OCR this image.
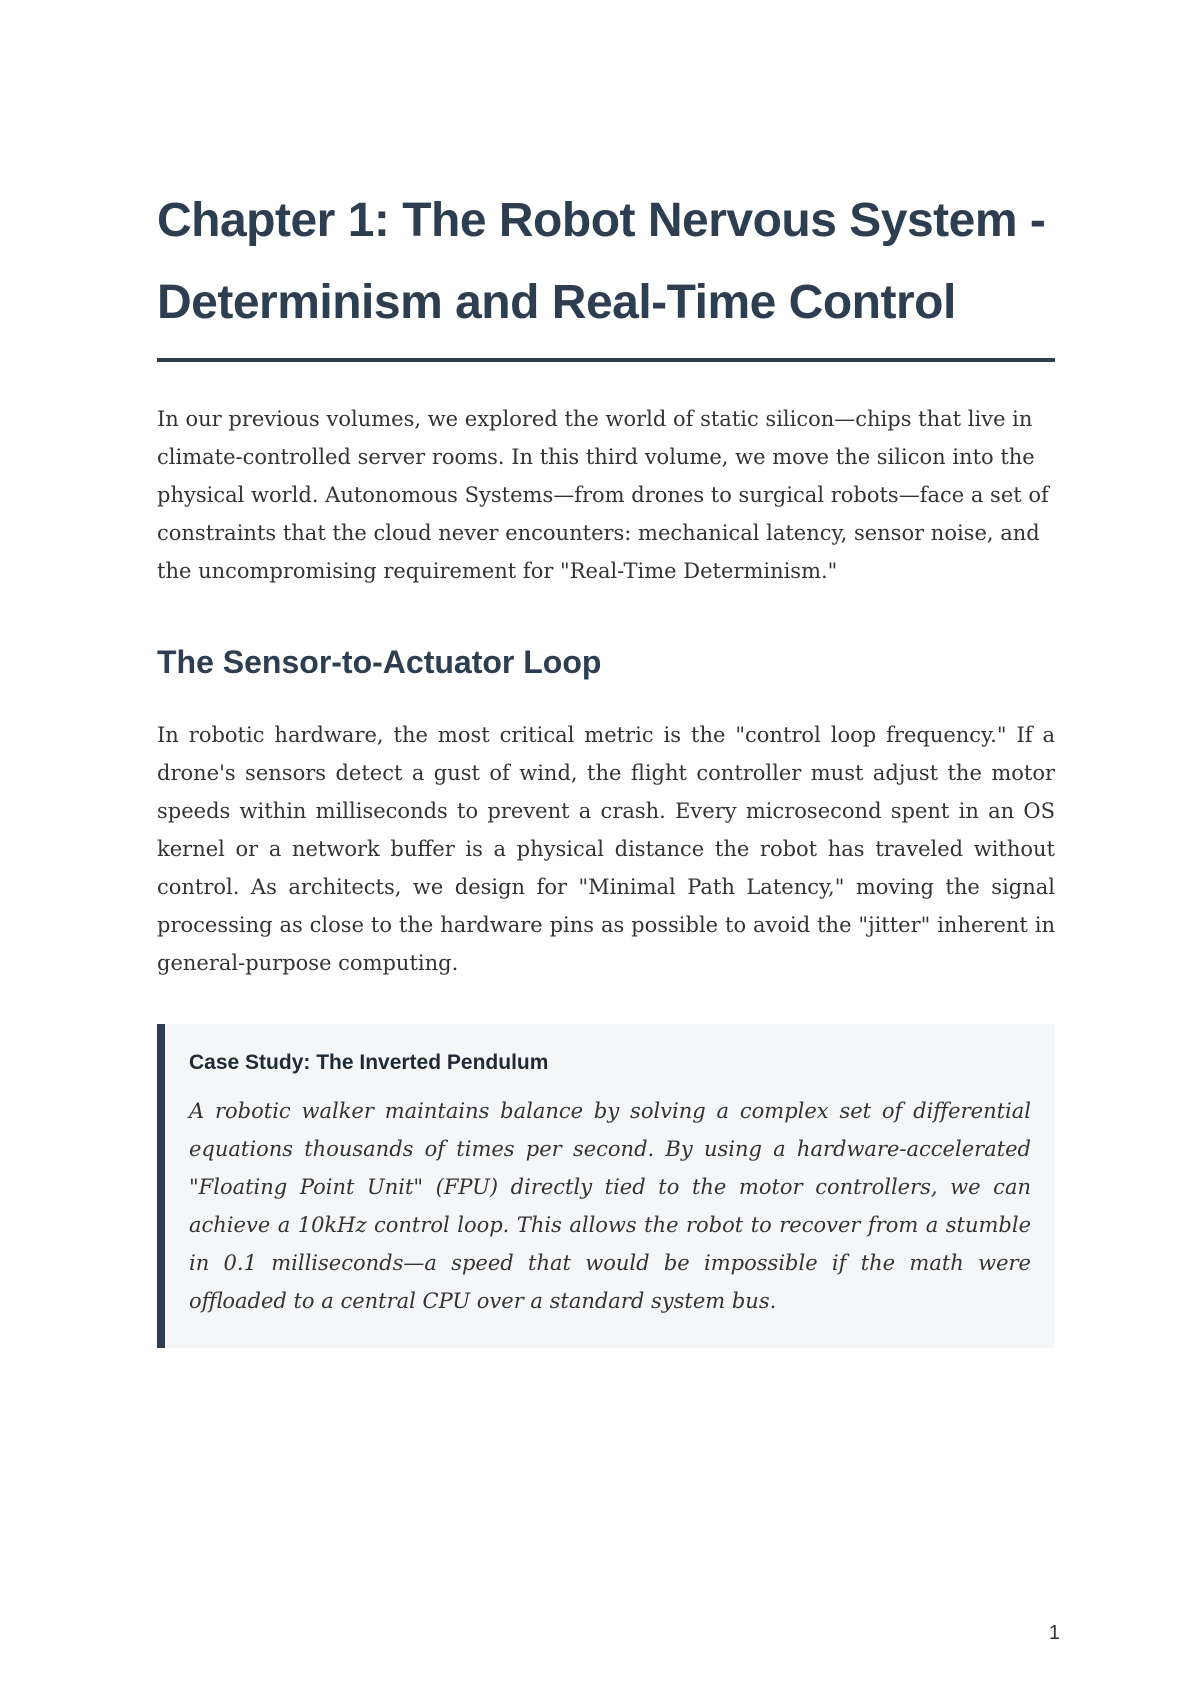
Chapter 1: The Robot Nervous System - Determinism and Real-Time Control

In our previous volumes, we explored the world of static silicon—chips that live in climate-controlled server rooms. In this third volume, we move the silicon into the physical world. Autonomous Systems—from drones to surgical robots—face a set of constraints that the cloud never encounters: mechanical latency, sensor noise, and the uncompromising requirement for "Real-Time Determinism."

The Sensor-to-Actuator Loop

In robotic hardware, the most critical metric is the "control loop frequency." If a drone's sensors detect a gust of wind, the flight controller must adjust the motor speeds within milliseconds to prevent a crash. Every microsecond spent in an OS kernel or a network buffer is a physical distance the robot has traveled without control. As architects, we design for "Minimal Path Latency," moving the signal processing as close to the hardware pins as possible to avoid the "jitter" inherent in general-purpose computing.

Case Study: The Inverted Pendulum

A robotic walker maintains balance by solving a complex set of differential equations thousands of times per second. By using a hardware-accelerated "Floating Point Unit" (FPU) directly tied to the motor controllers, we can achieve a 10kHz control loop. This allows the robot to recover from a stumble in 0.1 milliseconds—a speed that would be impossible if the math were offloaded to a central CPU over a standard system bus.

1
